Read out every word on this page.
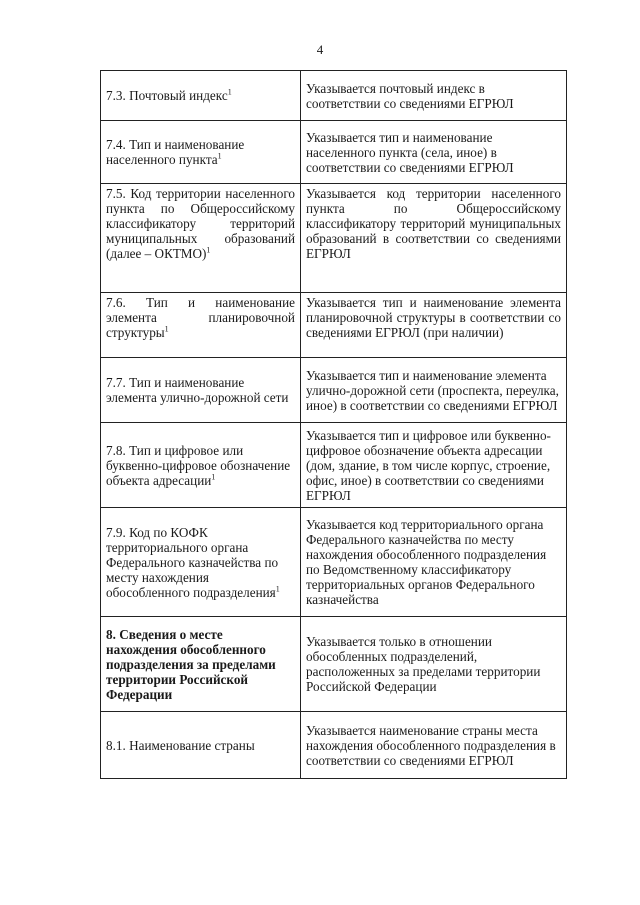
4
7.3. Почтовый индекс$^1$	Указывается почтовый индекс в соответствии со сведениями ЕГРЮЛ

7.4. Тип и наименование населенного пункта$^1$	Указывается тип и наименование населенного пункта (села, иное) в соответствии со сведениями ЕГРЮЛ

7.5. Код территории населенного пункта по Общероссийскому классификатору территорий муниципальных образований (далее – ОКТМО)$^1$	Указывается код территории населенного пункта по Общероссийскому классификатору территорий муниципальных образований в соответствии со сведениями ЕГРЮЛ

7.6. Тип и наименование элемента планировочной структуры$^1$	Указывается тип и наименование элемента планировочной структуры в соответствии со сведениями ЕГРЮЛ (при наличии)

7.7. Тип и наименование элемента улично-дорожной сети	Указывается тип и наименование элемента улично-дорожной сети (проспекта, переулка, иное) в соответствии со сведениями ЕГРЮЛ

7.8. Тип и цифровое или буквенно-цифровое обозначение объекта адресации$^1$	Указывается тип и цифровое или буквенно-цифровое обозначение объекта адресации (дом, здание, в том числе корпус, строение, офис, иное) в соответствии со сведениями ЕГРЮЛ

7.9. Код по КОФК территориального органа Федерального казначейства по месту нахождения обособленного подразделения$^1$	Указывается код территориального органа Федерального казначейства по месту нахождения обособленного подразделения по Ведомственному классификатору территориальных органов Федерального казначейства

8. Сведения о месте нахождения обособленного подразделения за пределами территории Российской Федерации	Указывается только в отношении обособленных подразделений, расположенных за пределами территории Российской Федерации

8.1. Наименование страны	Указывается наименование страны места нахождения обособленного подразделения в соответствии со сведениями ЕГРЮЛ
